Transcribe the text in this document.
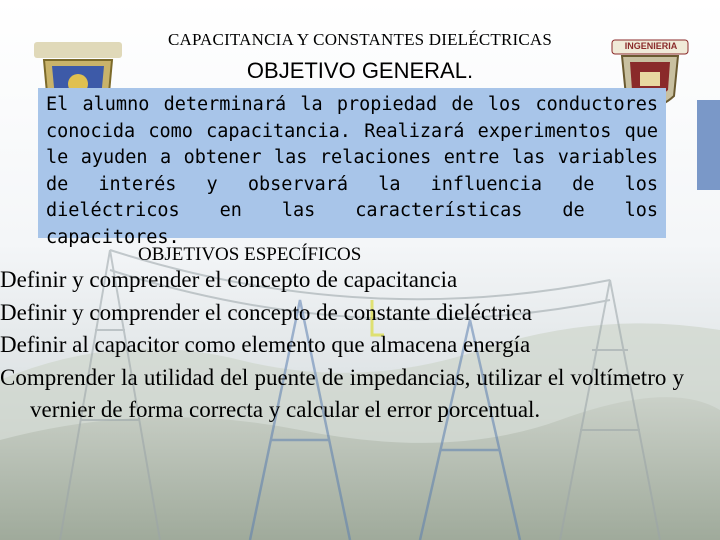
INGENIERIA
CAPACITANCIA Y CONSTANTES DIELÉCTRICAS
OBJETIVO GENERAL.

El alumno determinará la propiedad de los conductores conocida como capacitancia. Realizará experimentos que le ayuden a obtener las relaciones entre las variables de interés y observará la influencia de los dieléctricos en las características de los capacitores.

OBJETIVOS ESPECÍFICOS
Definir y comprender el concepto de capacitancia
Definir y comprender el concepto de constante dieléctrica
Definir al capacitor como elemento que almacena energía
Comprender la utilidad del puente de impedancias, utilizar el voltímetro y vernier de forma correcta y calcular el error porcentual.
